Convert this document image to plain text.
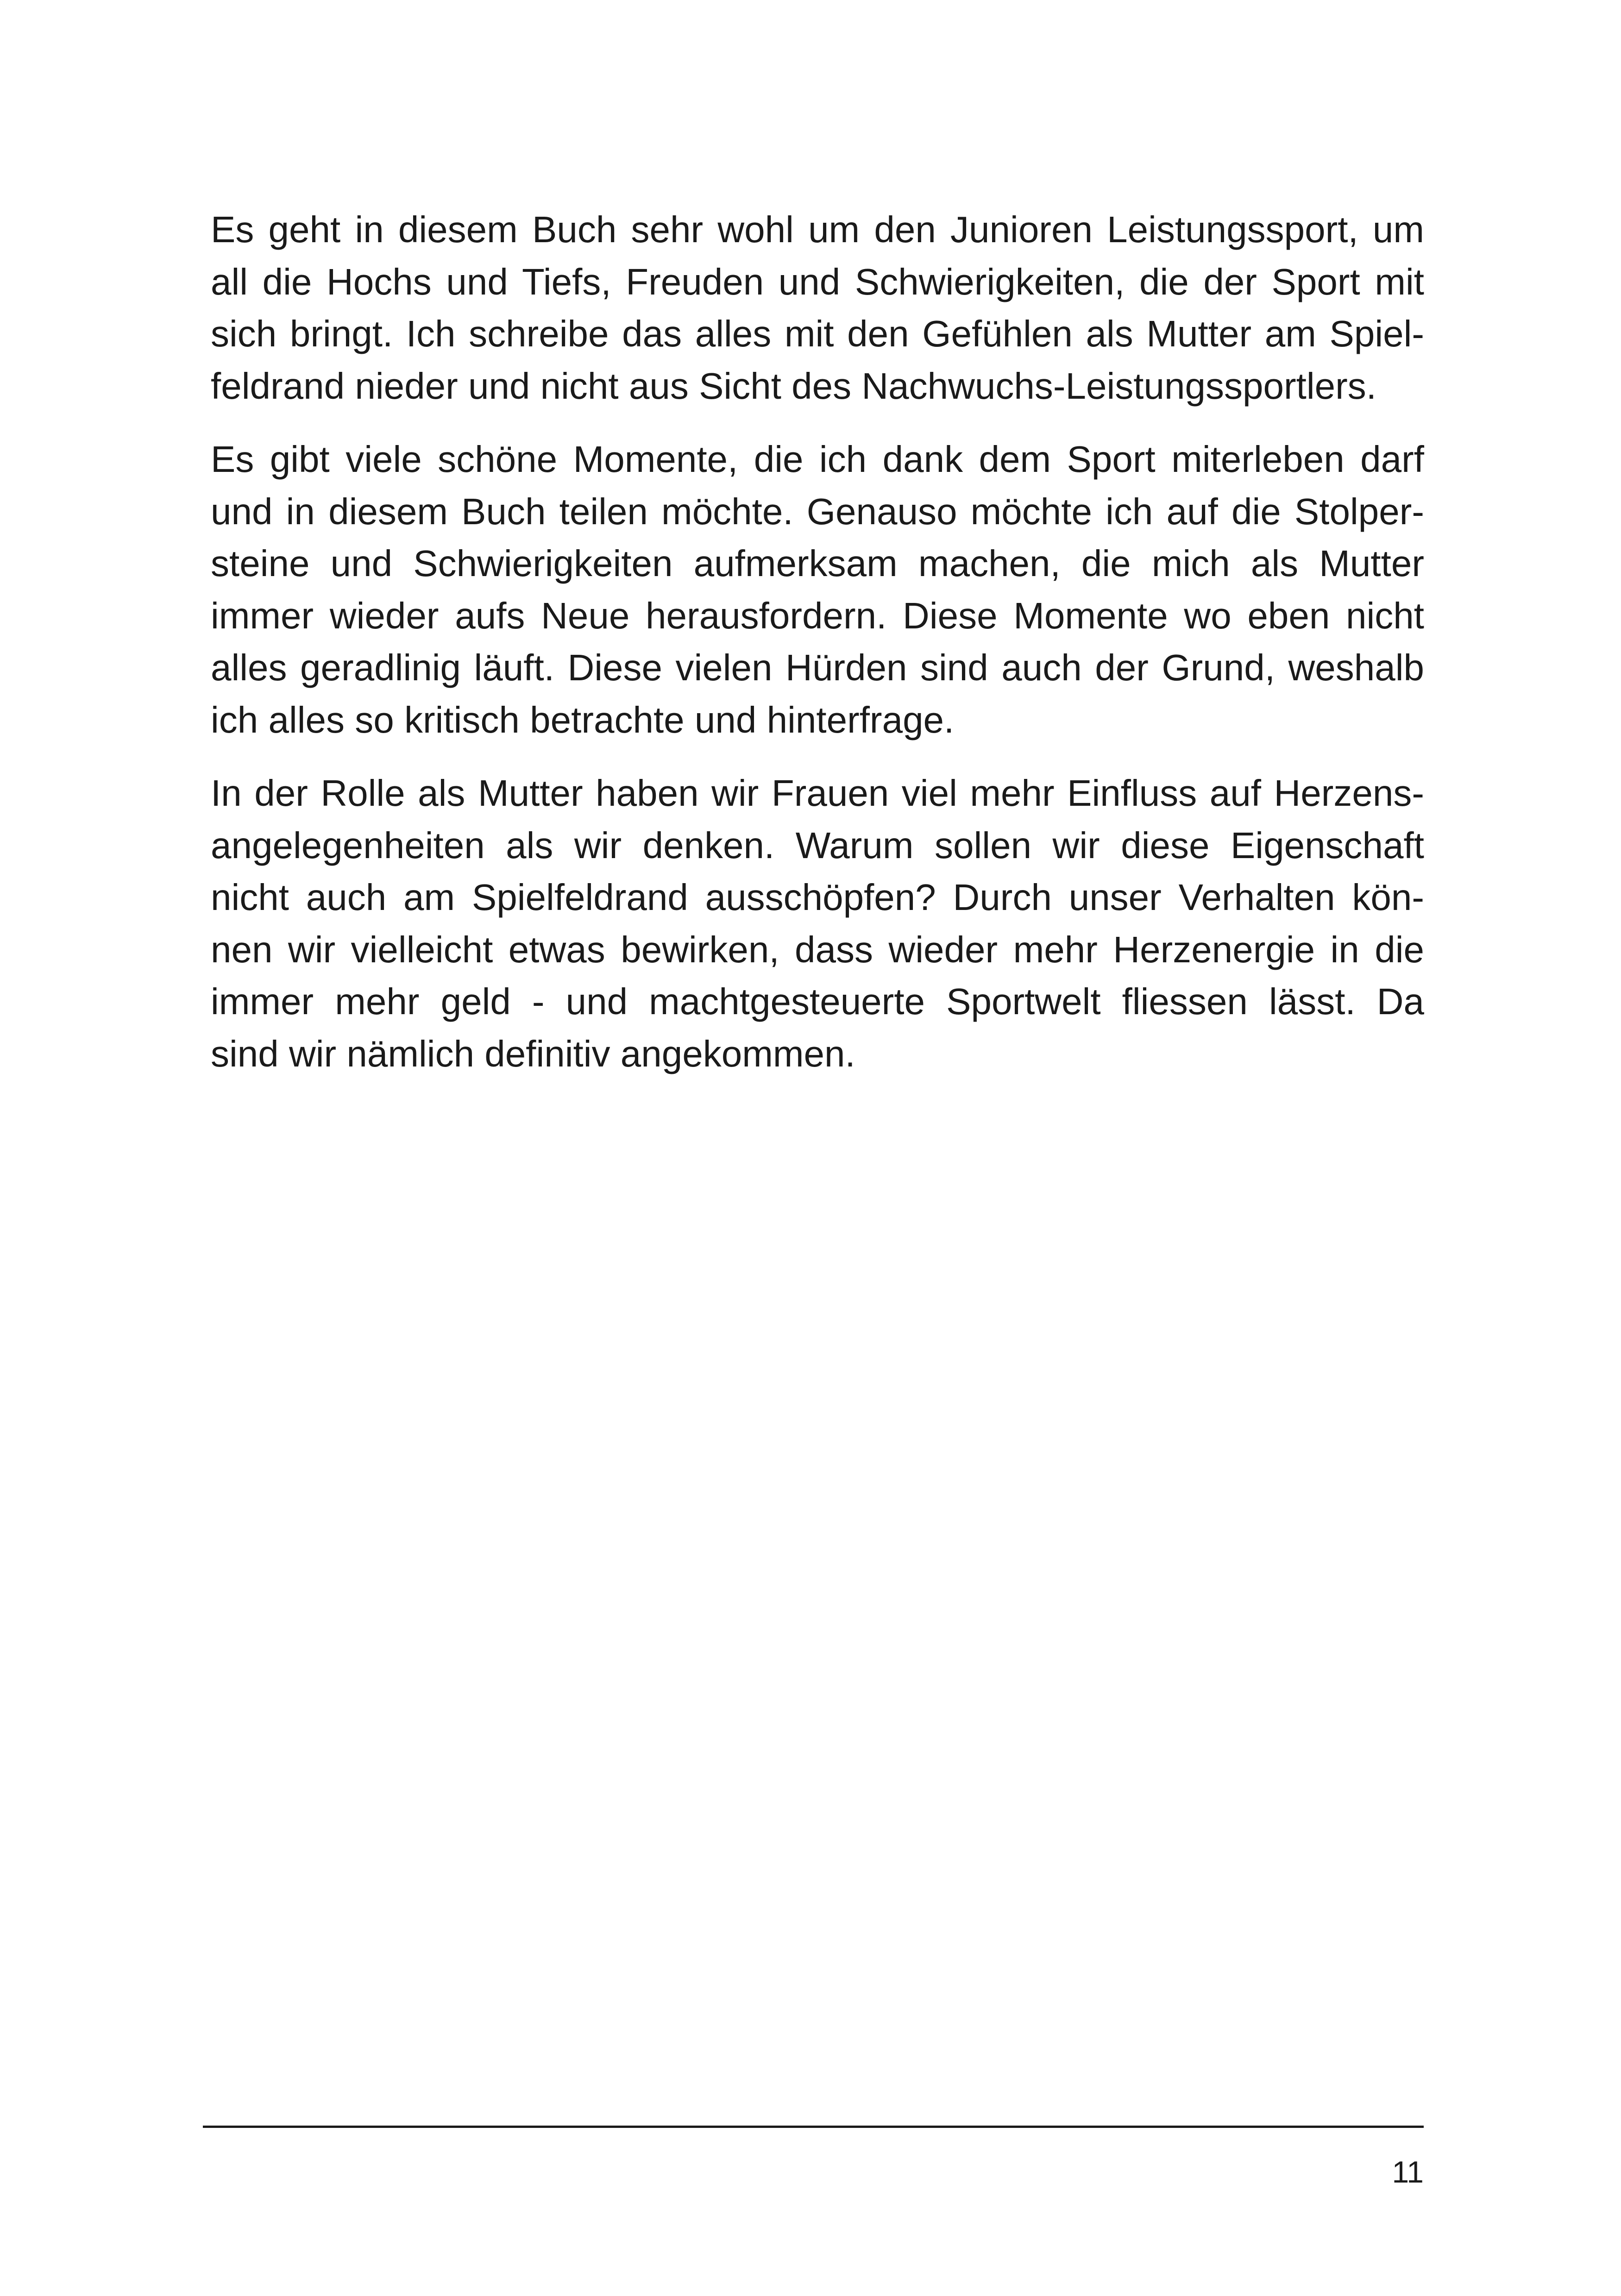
Es geht in diesem Buch sehr wohl um den Junioren Leistungssport, um
all die Hochs und Tiefs, Freuden und Schwierigkeiten, die der Sport mit
sich bringt. Ich schreibe das alles mit den Gefühlen als Mutter am Spiel-
feldrand nieder und nicht aus Sicht des Nachwuchs-Leistungssportlers.

Es gibt viele schöne Momente, die ich dank dem Sport miterleben darf
und in diesem Buch teilen möchte. Genauso möchte ich auf die Stolper-
steine und Schwierigkeiten aufmerksam machen, die mich als Mutter
immer wieder aufs Neue herausfordern. Diese Momente wo eben nicht
alles geradlinig läuft. Diese vielen Hürden sind auch der Grund, weshalb
ich alles so kritisch betrachte und hinterfrage.

In der Rolle als Mutter haben wir Frauen viel mehr Einfluss auf Herzens-
angelegenheiten als wir denken. Warum sollen wir diese Eigenschaft
nicht auch am Spielfeldrand ausschöpfen? Durch unser Verhalten kön-
nen wir vielleicht etwas bewirken, dass wieder mehr Herzenergie in die
immer mehr geld - und machtgesteuerte Sportwelt fliessen lässt. Da
sind wir nämlich definitiv angekommen.

11
